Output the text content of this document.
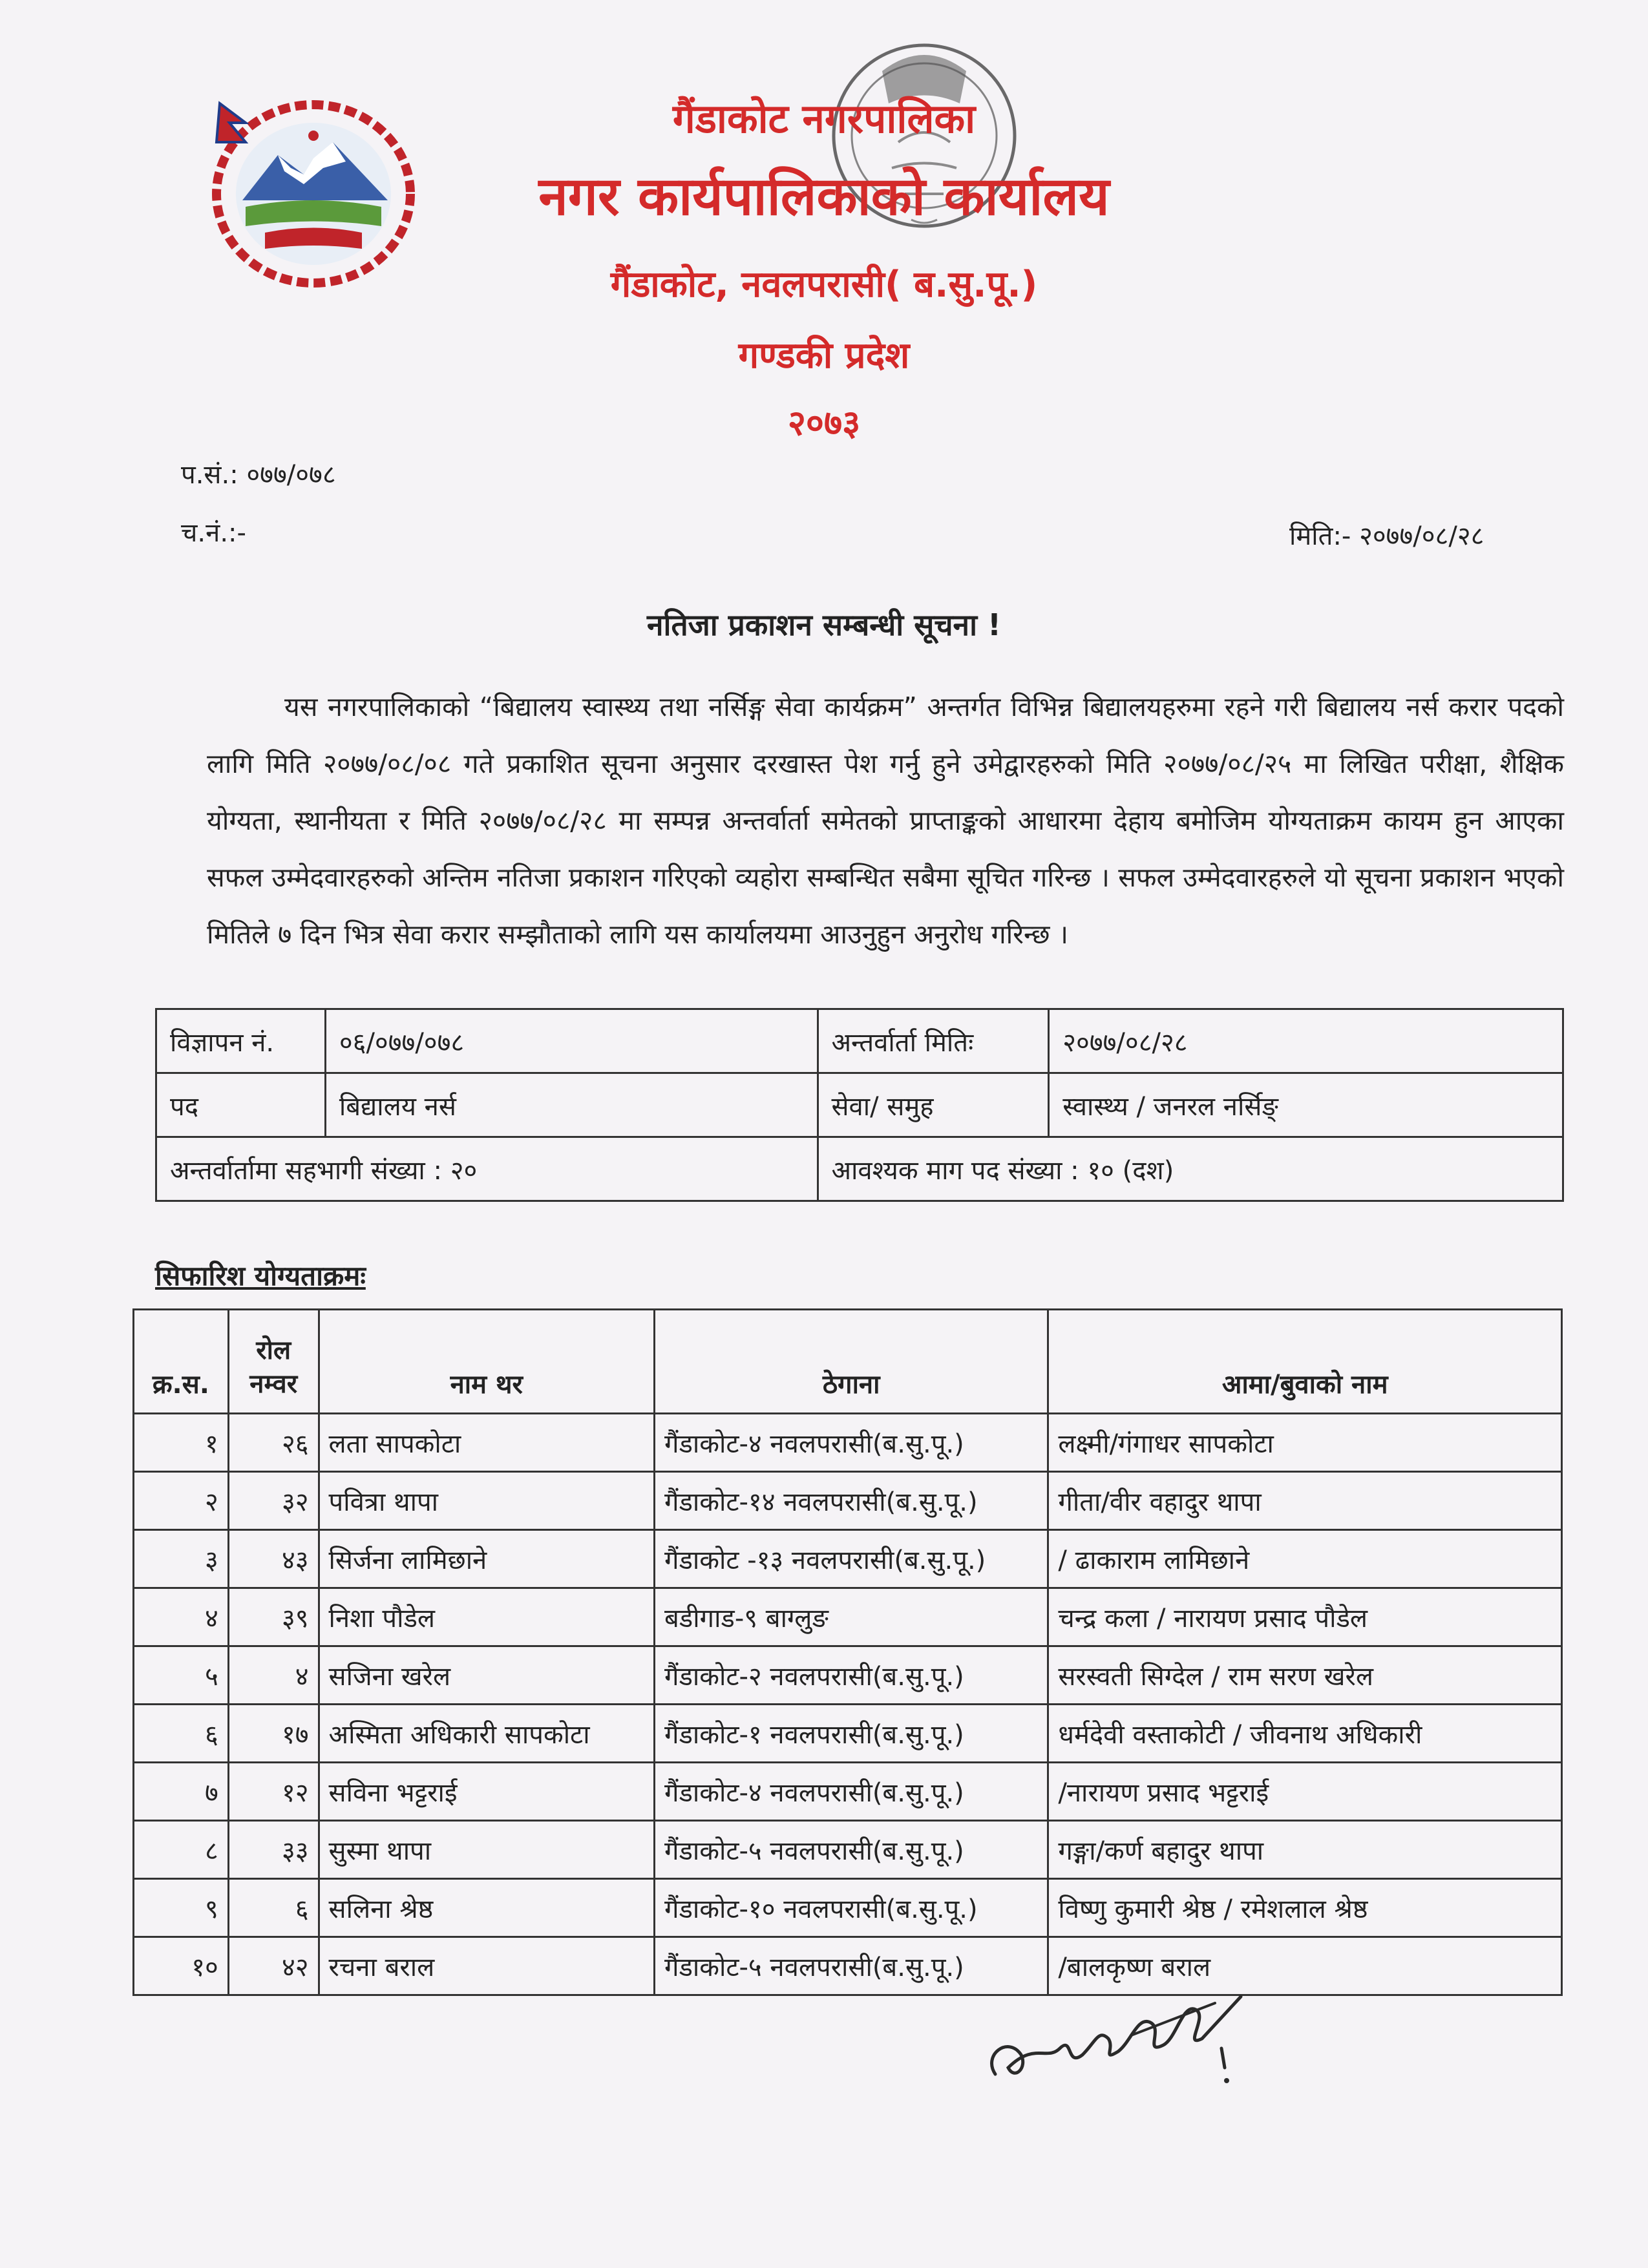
गैंडाकोट नगरपालिका
नगर कार्यपालिकाको कार्यालय
गैंडाकोट, नवलपरासी( ब.सु.पू.)
गण्डकी प्रदेश
२०७३
प.सं.: ०७७/०७८
च.नं.:-	मिति:- २०७७/०८/२८
नतिजा प्रकाशन सम्बन्धी सूचना !
यस नगरपालिकाको “बिद्यालय स्वास्थ्य तथा नर्सिङ्ग सेवा कार्यक्रम” अन्तर्गत विभिन्न बिद्यालयहरुमा रहने गरी बिद्यालय नर्स करार पदको लागि मिति २०७७/०८/०८ गते प्रकाशित सूचना अनुसार दरखास्त पेश गर्नु हुने उमेद्वारहरुको मिति २०७७/०८/२५ मा लिखित परीक्षा, शैक्षिक योग्यता, स्थानीयता र मिति २०७७/०८/२८ मा सम्पन्न अन्तर्वार्ता समेतको प्राप्ताङ्कको आधारमा देहाय बमोजिम योग्यताक्रम कायम हुन आएका सफल उम्मेदवारहरुको अन्तिम नतिजा प्रकाशन गरिएको व्यहोरा सम्बन्धित सबैमा सूचित गरिन्छ । सफल उम्मेदवारहरुले यो सूचना प्रकाशन भएको मितिले ७ दिन भित्र सेवा करार सम्झौताको लागि यस कार्यालयमा आउनुहुन अनुरोध गरिन्छ ।
विज्ञापन नं.	०६/०७७/०७८	अन्तर्वार्ता मितिः	२०७७/०८/२८
पद	बिद्यालय नर्स	सेवा/ समुह	स्वास्थ्य / जनरल नर्सिङ्
अन्तर्वार्तामा सहभागी संख्या : २०		आवश्यक माग पद संख्या : १० (दश)	
सिफारिश योग्यताक्रमः
क्र.स.	रोल नम्वर	नाम थर	ठेगाना	आमा/बुवाको नाम
१	२६	लता सापकोटा	गैंडाकोट-४ नवलपरासी(ब.सु.पू.)	लक्ष्मी/गंगाधर सापकोटा
२	३२	पवित्रा थापा	गैंडाकोट-१४ नवलपरासी(ब.सु.पू.)	गीता/वीर वहादुर थापा
३	४३	सिर्जना लामिछाने	गैंडाकोट -१३ नवलपरासी(ब.सु.पू.)	/ ढाकाराम लामिछाने
४	३९	निशा पौडेल	बडीगाड-९ बाग्लुङ	चन्द्र कला / नारायण प्रसाद पौडेल
५	४	सजिना खरेल	गैंडाकोट-२ नवलपरासी(ब.सु.पू.)	सरस्वती सिग्देल / राम सरण खरेल
६	१७	अस्मिता अधिकारी सापकोटा	गैंडाकोट-१ नवलपरासी(ब.सु.पू.)	धर्मदेवी वस्ताकोटी / जीवनाथ अधिकारी
७	१२	सविना भट्टराई	गैंडाकोट-४ नवलपरासी(ब.सु.पू.)	/नारायण प्रसाद भट्टराई
८	३३	सुस्मा थापा	गैंडाकोट-५ नवलपरासी(ब.सु.पू.)	गङ्गा/कर्ण बहादुर थापा
९	६	सलिना श्रेष्ठ	गैंडाकोट-१० नवलपरासी(ब.सु.पू.)	विष्णु कुमारी श्रेष्ठ / रमेशलाल श्रेष्ठ
१०	४२	रचना बराल	गैंडाकोट-५ नवलपरासी(ब.सु.पू.)	/बालकृष्ण बराल
